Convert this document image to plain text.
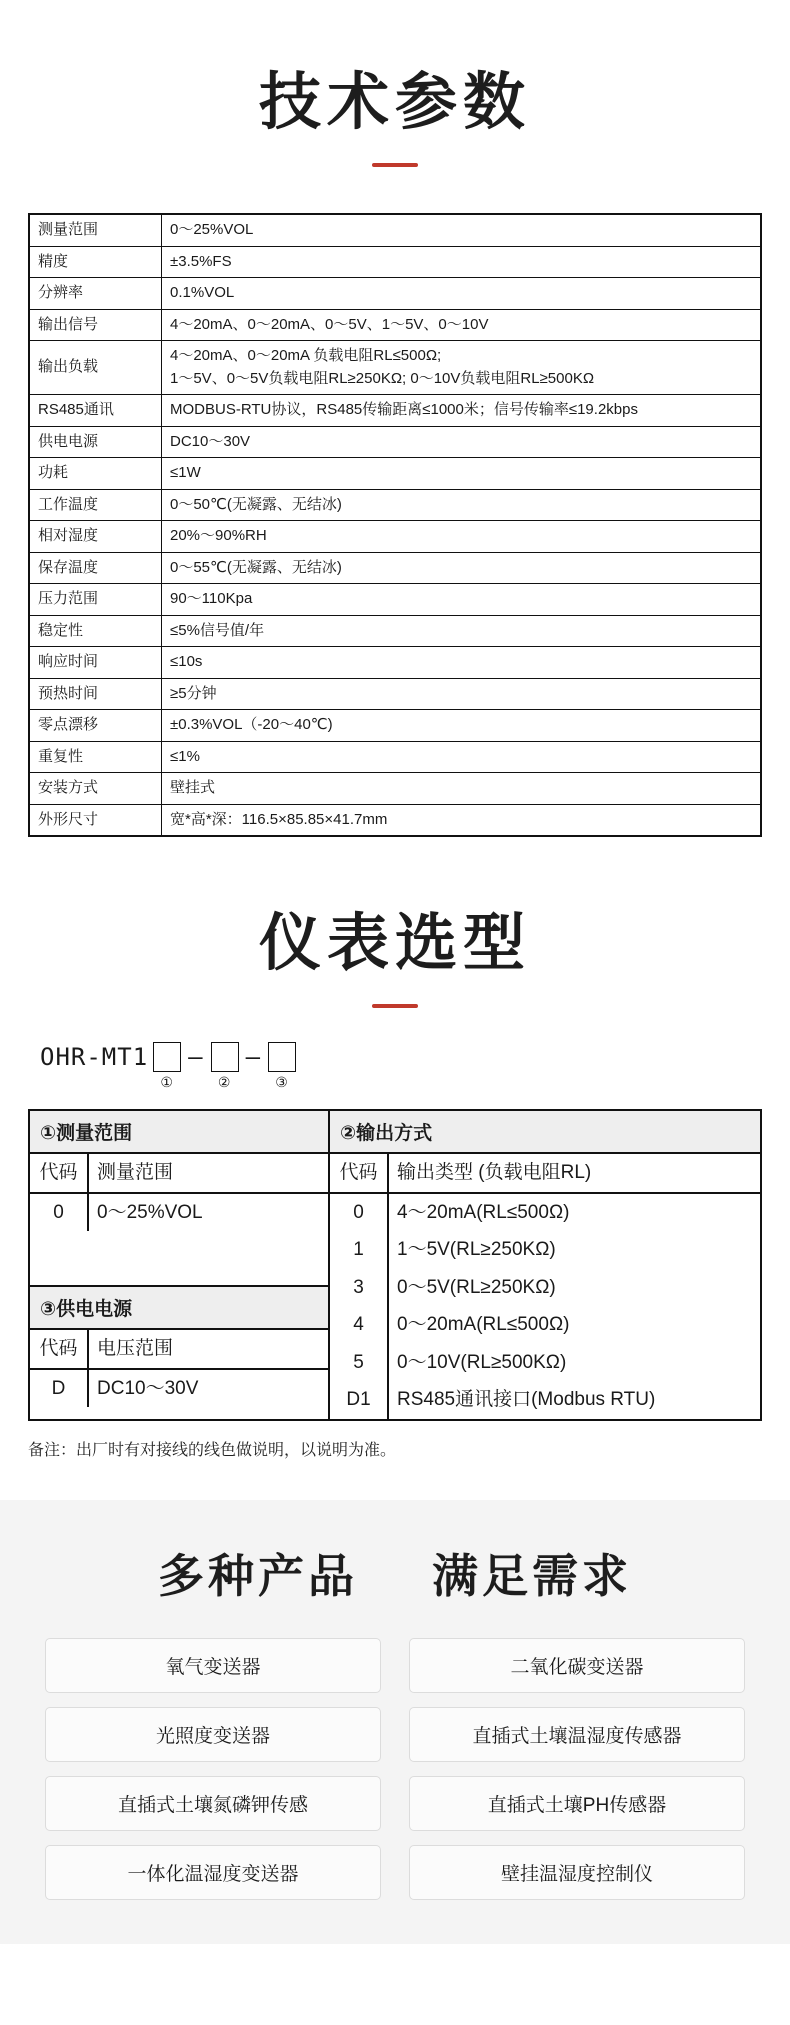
技术参数
测量范围	0～25%VOL

精度	±3.5%FS

分辨率	0.1%VOL

输出信号	4～20mA、0～20mA、0～5V、1～5V、0～10V

输出负载	4～20mA、0～20mA 负载电阻RL≤500Ω;
1～5V、0～5V负载电阻RL≥250KΩ; 0～10V负载电阻RL≥500KΩ

RS485通讯	MODBUS-RTU协议，RS485传输距离≤1000米；信号传输率≤19.2kbps

供电电源	DC10～30V

功耗	≤1W

工作温度	0～50℃(无凝露、无结冰)

相对湿度	20%～90%RH

保存温度	0～55℃(无凝露、无结冰)

压力范围	90～110Kpa

稳定性	≤5%信号值/年

响应时间	≤10s

预热时间	≥5分钟

零点漂移	±0.3%VOL（-20～40℃)

重复性	≤1%

安装方式	壁挂式

外形尺寸	宽*高*深：116.5×85.85×41.7mm
仪表选型
OHR-MT1
①
—
②
—
③
①测量范围
代码	测量范围
0	0～25%VOL
③供电电源
代码	电压范围
D	DC10～30V
②输出方式
代码	输出类型 (负载电阻RL)
0	4～20mA(RL≤500Ω)
1	1～5V(RL≥250KΩ)
3	0～5V(RL≥250KΩ)
4	0～20mA(RL≤500Ω)
5	0～10V(RL≥500KΩ)
D1	RS485通讯接口(Modbus RTU)
备注：出厂时有对接线的线色做说明，以说明为准。
多种产品 满足需求
氧气变送器	二氧化碳变送器
光照度变送器	直插式土壤温湿度传感器
直插式土壤氮磷钾传感	直插式土壤PH传感器
一体化温湿度变送器	壁挂温湿度控制仪
